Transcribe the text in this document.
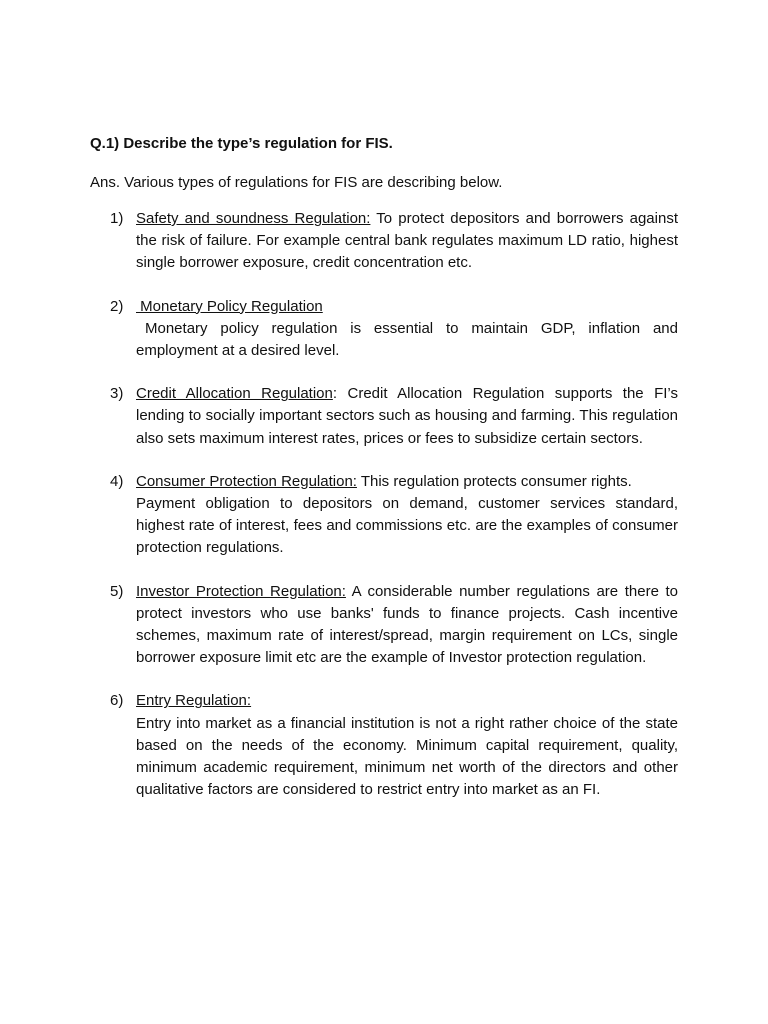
Q.1) Describe the type’s regulation for FIS.
Ans. Various types of regulations for FIS are describing below.
1) Safety and soundness Regulation: To protect depositors and borrowers against the risk of failure. For example central bank regulates maximum LD ratio, highest single borrower exposure, credit concentration etc.
2) Monetary Policy Regulation
Monetary policy regulation is essential to maintain GDP, inflation and employment at a desired level.
3) Credit Allocation Regulation: Credit Allocation Regulation supports the FI’s lending to socially important sectors such as housing and farming. This regulation also sets maximum interest rates, prices or fees to subsidize certain sectors.
4) Consumer Protection Regulation: This regulation protects consumer rights.
Payment obligation to depositors on demand, customer services standard, highest rate of interest, fees and commissions etc. are the examples of consumer protection regulations.
5) Investor Protection Regulation: A considerable number regulations are there to protect investors who use banks' funds to finance projects. Cash incentive schemes, maximum rate of interest/spread, margin requirement on LCs, single borrower exposure limit etc are the example of Investor protection regulation.
6) Entry Regulation:
Entry into market as a financial institution is not a right rather choice of the state based on the needs of the economy. Minimum capital requirement, quality, minimum academic requirement, minimum net worth of the directors and other qualitative factors are considered to restrict entry into market as an FI.
